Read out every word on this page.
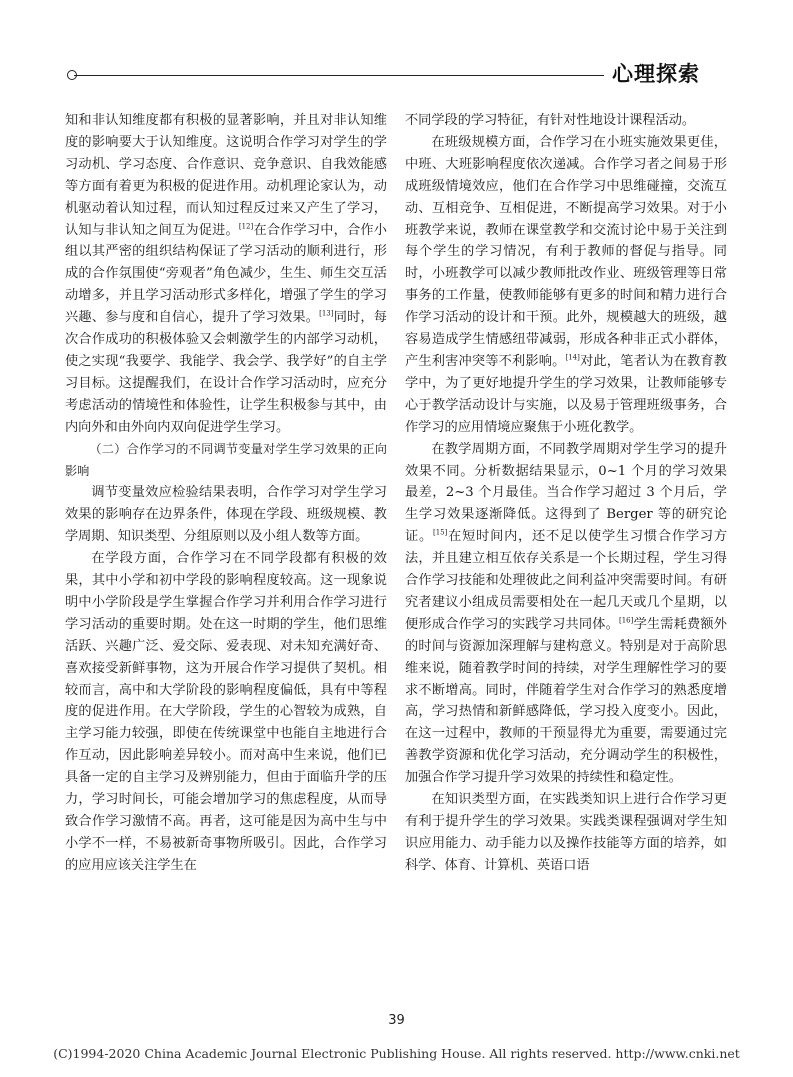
心理探索

知和非认知维度都有积极的显著影响，并且对非认知维度的影响要大于认知维度。这说明合作学习对学生的学习动机、学习态度、合作意识、竞争意识、自我效能感等方面有着更为积极的促进作用。动机理论家认为，动机驱动着认知过程，而认知过程反过来又产生了学习，认知与非认知之间互为促进。[12]在合作学习中，合作小组以其严密的组织结构保证了学习活动的顺利进行，形成的合作氛围使“旁观者”角色减少，生生、师生交互活动增多，并且学习活动形式多样化，增强了学生的学习兴趣、参与度和自信心，提升了学习效果。[13]同时，每次合作成功的积极体验又会刺激学生的内部学习动机，使之实现“我要学、我能学、我会学、我学好”的自主学习目标。这提醒我们，在设计合作学习活动时，应充分考虑活动的情境性和体验性，让学生积极参与其中，由内向外和由外向内双向促进学生学习。

（二）合作学习的不同调节变量对学生学习效果的正向影响

调节变量效应检验结果表明，合作学习对学生学习效果的影响存在边界条件，体现在学段、班级规模、教学周期、知识类型、分组原则以及小组人数等方面。

在学段方面，合作学习在不同学段都有积极的效果，其中小学和初中学段的影响程度较高。这一现象说明中小学阶段是学生掌握合作学习并利用合作学习进行学习活动的重要时期。处在这一时期的学生，他们思维活跃、兴趣广泛、爱交际、爱表现、对未知充满好奇、喜欢接受新鲜事物，这为开展合作学习提供了契机。相较而言，高中和大学阶段的影响程度偏低，具有中等程度的促进作用。在大学阶段，学生的心智较为成熟，自主学习能力较强，即使在传统课堂中也能自主地进行合作互动，因此影响差异较小。而对高中生来说，他们已具备一定的自主学习及辨别能力，但由于面临升学的压力，学习时间长，可能会增加学习的焦虑程度，从而导致合作学习激情不高。再者，这可能是因为高中生与中小学不一样，不易被新奇事物所吸引。因此，合作学习的应用应该关注学生在

不同学段的学习特征，有针对性地设计课程活动。

在班级规模方面，合作学习在小班实施效果更佳，中班、大班影响程度依次递减。合作学习者之间易于形成班级情境效应，他们在合作学习中思维碰撞，交流互动、互相竞争、互相促进，不断提高学习效果。对于小班教学来说，教师在课堂教学和交流讨论中易于关注到每个学生的学习情况，有利于教师的督促与指导。同时，小班教学可以减少教师批改作业、班级管理等日常事务的工作量，使教师能够有更多的时间和精力进行合作学习活动的设计和干预。此外，规模越大的班级，越容易造成学生情感纽带减弱，形成各种非正式小群体，产生利害冲突等不利影响。[14]对此，笔者认为在教育教学中，为了更好地提升学生的学习效果，让教师能够专心于教学活动设计与实施，以及易于管理班级事务，合作学习的应用情境应聚焦于小班化教学。

在教学周期方面，不同教学周期对学生学习的提升效果不同。分析数据结果显示，0~1 个月的学习效果最差，2~3 个月最佳。当合作学习超过 3 个月后，学生学习效果逐渐降低。这得到了 Berger 等的研究论证。[15]在短时间内，还不足以使学生习惯合作学习方法，并且建立相互依存关系是一个长期过程，学生习得合作学习技能和处理彼此之间利益冲突需要时间。有研究者建议小组成员需要相处在一起几天或几个星期，以便形成合作学习的实践学习共同体。[16]学生需耗费额外的时间与资源加深理解与建构意义。特别是对于高阶思维来说，随着教学时间的持续，对学生理解性学习的要求不断增高。同时，伴随着学生对合作学习的熟悉度增高，学习热情和新鲜感降低，学习投入度变小。因此，在这一过程中，教师的干预显得尤为重要，需要通过完善教学资源和优化学习活动，充分调动学生的积极性，加强合作学习提升学习效果的持续性和稳定性。

在知识类型方面，在实践类知识上进行合作学习更有利于提升学生的学习效果。实践类课程强调对学生知识应用能力、动手能力以及操作技能等方面的培养，如科学、体育、计算机、英语口语

39
(C)1994-2020 China Academic Journal Electronic Publishing House. All rights reserved. http://www.cnki.net
